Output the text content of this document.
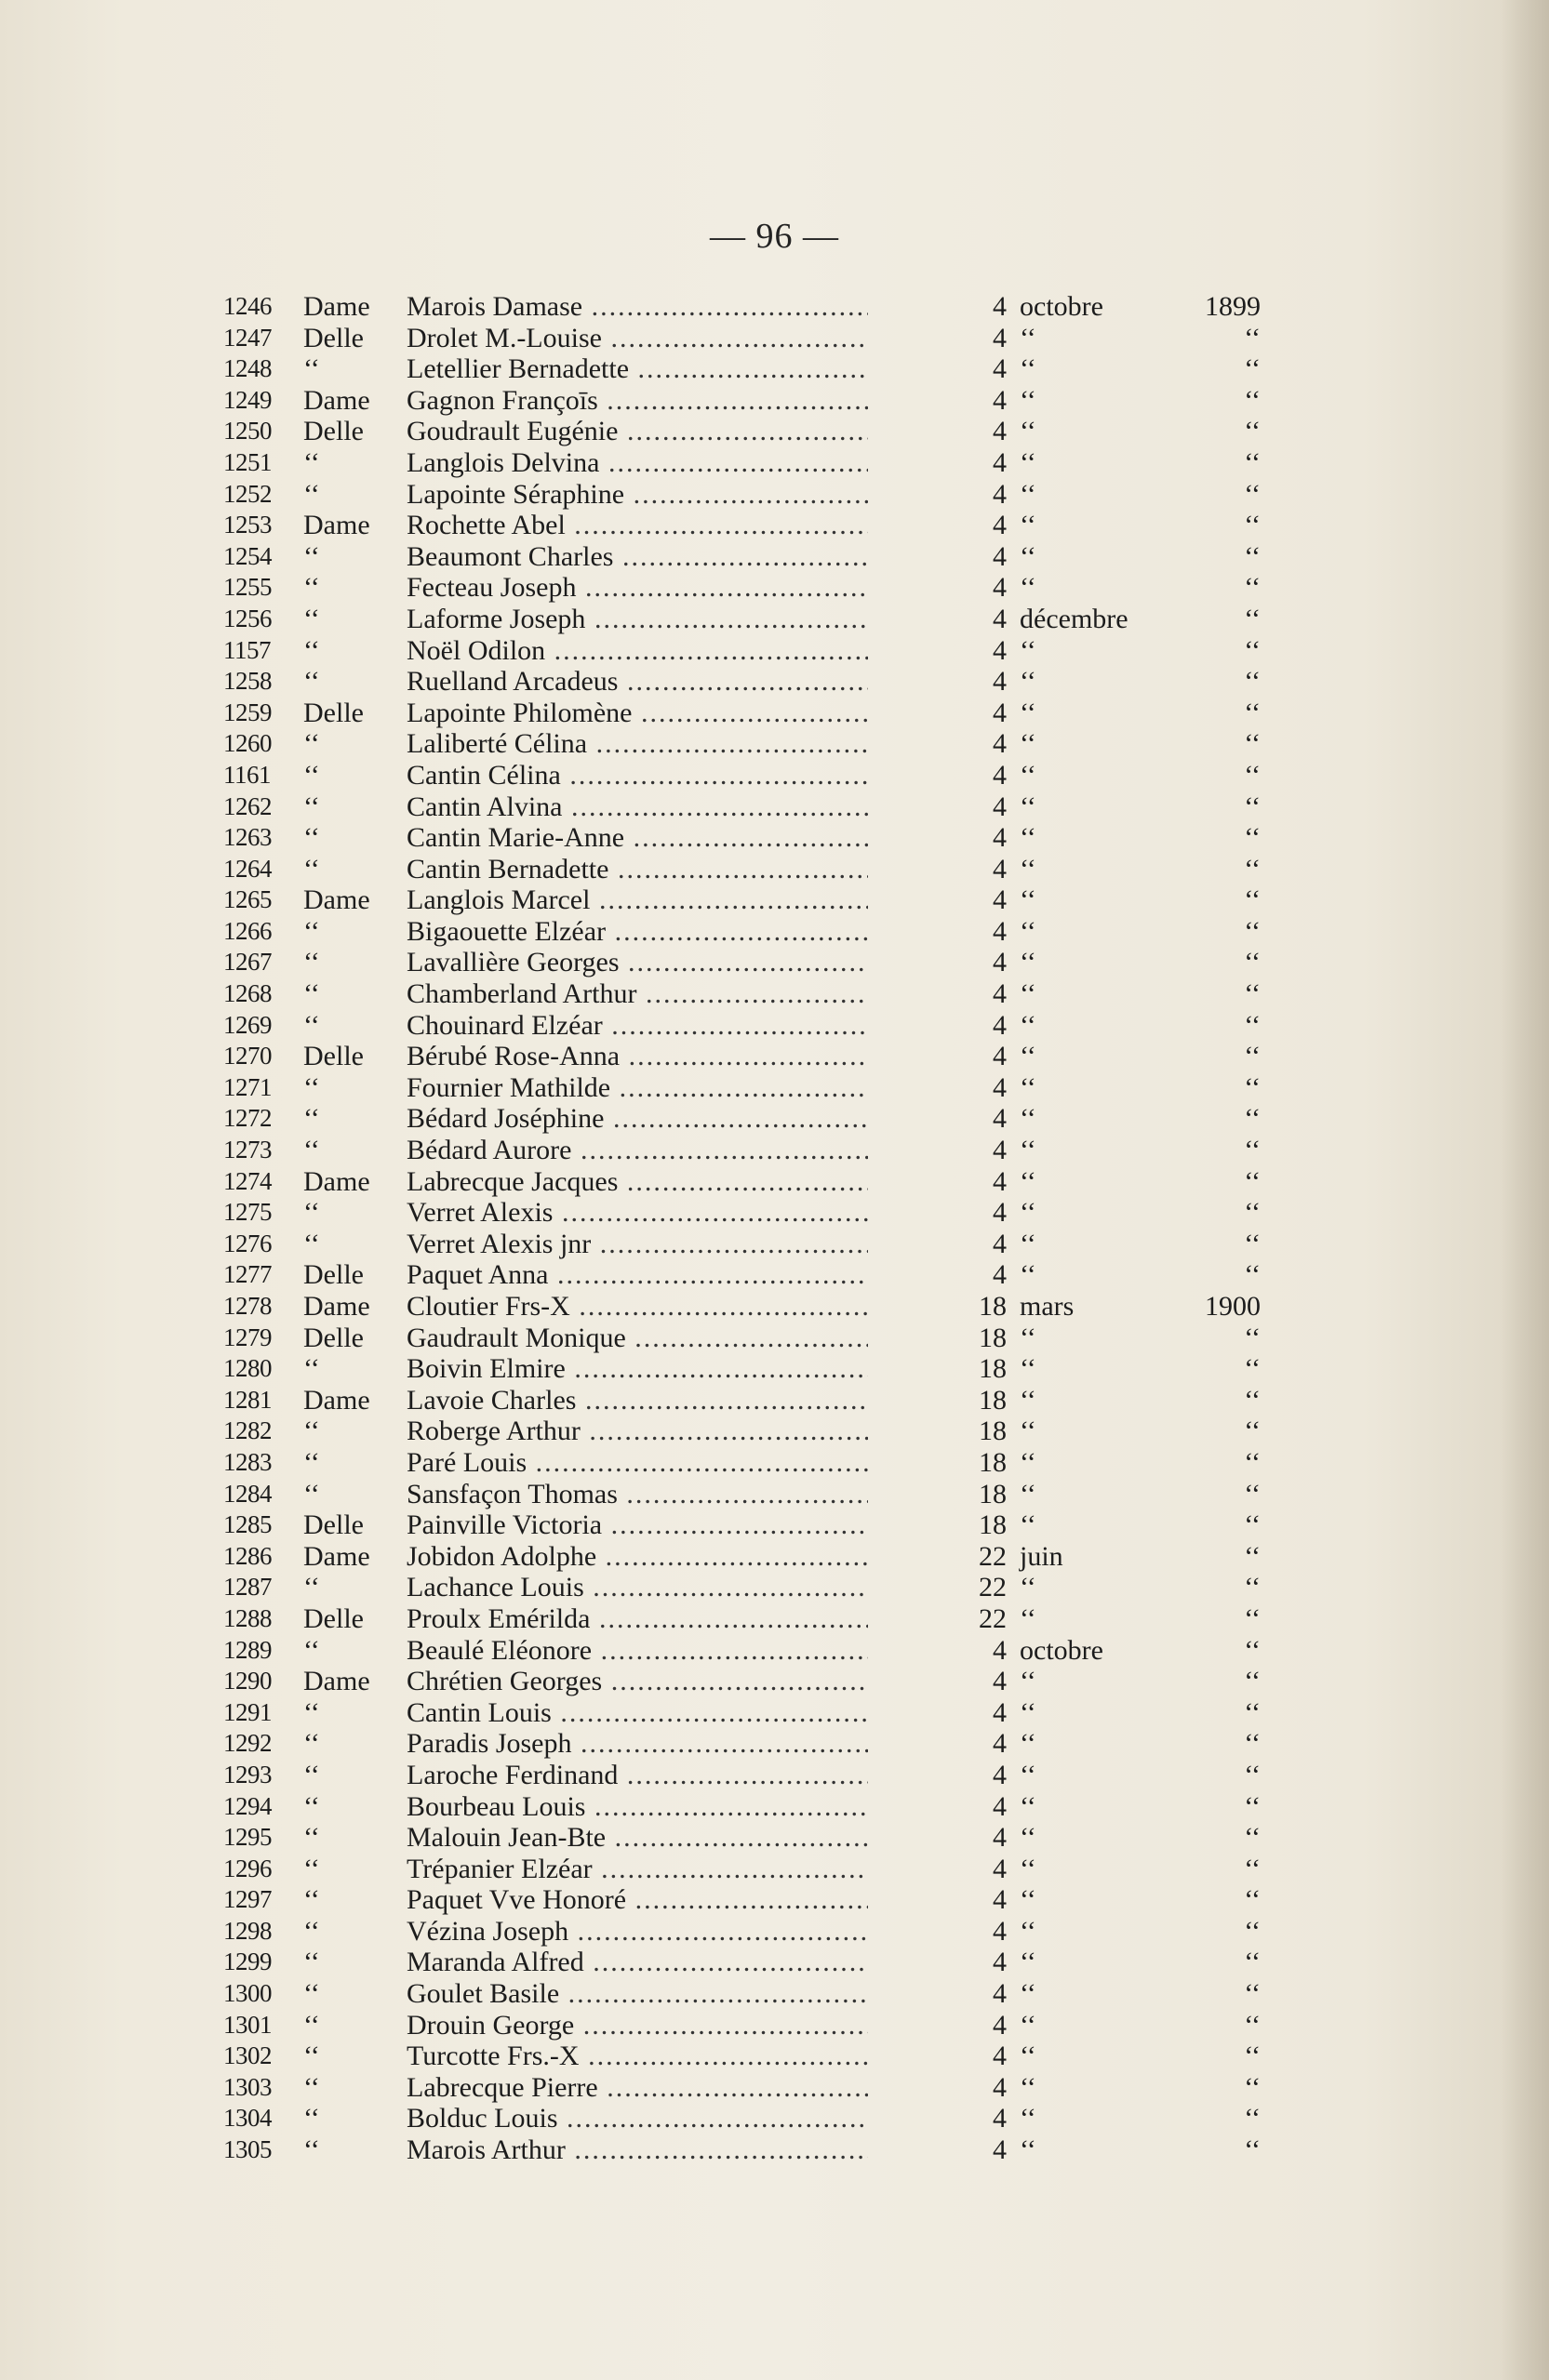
— 96 —
1246 Dame Marois Damase .....	4 octobre	1899
1247 Delle Drolet M.-Louise .....	4 ‘‘	‘‘
1248 ‘‘	Letellier Bernadette .....	4 ‘‘	‘‘
1249 Dame Gagnon Françoīs .....	4 ‘‘	‘‘
1250 Delle Goudrault Eugénie .....	4 ‘‘	‘‘
1251 ‘‘	Langlois Delvina .....	4 ‘‘	‘‘
1252 ‘‘	Lapointe Séraphine .....	4 ‘‘	‘‘
1253 Dame Rochette Abel .....	4 ‘‘	‘‘
1254 ‘‘	Beaumont Charles .....	4 ‘‘	‘‘
1255 ‘‘	Fecteau Joseph .....	4 ‘‘	‘‘
1256 ‘‘	Laforme Joseph .....	4 décembre	‘‘
1157 ‘‘	Noël Odilon .....	4 ‘‘	‘‘
1258 ‘‘	Ruelland Arcadeus .....	4 ‘‘	‘‘
1259 Delle Lapointe Philomène .....	4 ‘‘	‘‘
1260 ‘‘	Laliberté Célina .....	4 ‘‘	‘‘
1161 ‘‘	Cantin Célina .....	4 ‘‘	‘‘
1262 ‘‘	Cantin Alvina .....	4 ‘‘	‘‘
1263 ‘‘	Cantin Marie-Anne .....	4 ‘‘	‘‘
1264 ‘‘	Cantin Bernadette .....	4 ‘‘	‘‘
1265 Dame Langlois Marcel .....	4 ‘‘	‘‘
1266 ‘‘	Bigaouette Elzéar .....	4 ‘‘	‘‘
1267 ‘‘	Lavallière Georges .....	4 ‘‘	‘‘
1268 ‘‘	Chamberland Arthur .....	4 ‘‘	‘‘
1269 ‘‘	Chouinard Elzéar .....	4 ‘‘	‘‘
1270 Delle Bérubé Rose-Anna .....	4 ‘‘	‘‘
1271 ‘‘	Fournier Mathilde .....	4 ‘‘	‘‘
1272 ‘‘	Bédard Joséphine .....	4 ‘‘	‘‘
1273 ‘‘	Bédard Aurore .....	4 ‘‘	‘‘
1274 Dame Labrecque Jacques .....	4 ‘‘	‘‘
1275 ‘‘	Verret Alexis .....	4 ‘‘	‘‘
1276 ‘‘	Verret Alexis jnr .....	4 ‘‘	‘‘
1277 Delle Paquet Anna .....	4 ‘‘	‘‘
1278 Dame Cloutier Frs-X .....	18 mars	1900
1279 Delle Gaudrault Monique .....	18 ‘‘	‘‘
1280 ‘‘	Boivin Elmire .....	18 ‘‘	‘‘
1281 Dame Lavoie Charles .....	18 ‘‘	‘‘
1282 ‘‘	Roberge Arthur .....	18 ‘‘	‘‘
1283 ‘‘	Paré Louis .....	18 ‘‘	‘‘
1284 ‘‘	Sansfaçon Thomas .....	18 ‘‘	‘‘
1285 Delle Painville Victoria .....	18 ‘‘	‘‘
1286 Dame Jobidon Adolphe .....	22 juin	‘‘
1287 ‘‘	Lachance Louis .....	22 ‘‘	‘‘
1288 Delle Proulx Emérilda .....	22 ‘‘	‘‘
1289 ‘‘	Beaulé Eléonore .....	4 octobre	‘‘
1290 Dame Chrétien Georges .....	4 ‘‘	‘‘
1291 ‘‘	Cantin Louis .....	4 ‘‘	‘‘
1292 ‘‘	Paradis Joseph .....	4 ‘‘	‘‘
1293 ‘‘	Laroche Ferdinand .....	4 ‘‘	‘‘
1294 ‘‘	Bourbeau Louis .....	4 ‘‘	‘‘
1295 ‘‘	Malouin Jean-Bte .....	4 ‘‘	‘‘
1296 ‘‘	Trépanier Elzéar .....	4 ‘‘	‘‘
1297 ‘‘	Paquet Vve Honoré .....	4 ‘‘	‘‘
1298 ‘‘	Vézina Joseph .....	4 ‘‘	‘‘
1299 ‘‘	Maranda Alfred .....	4 ‘‘	‘‘
1300 ‘‘	Goulet Basile .....	4 ‘‘	‘‘
1301 ‘‘	Drouin George .....	4 ‘‘	‘‘
1302 ‘‘	Turcotte Frs.-X .....	4 ‘‘	‘‘
1303 ‘‘	Labrecque Pierre .....	4 ‘‘	‘‘
1304 ‘‘	Bolduc Louis .....	4 ‘‘	‘‘
1305 ‘‘	Marois Arthur .....	4 ‘‘	‘‘
